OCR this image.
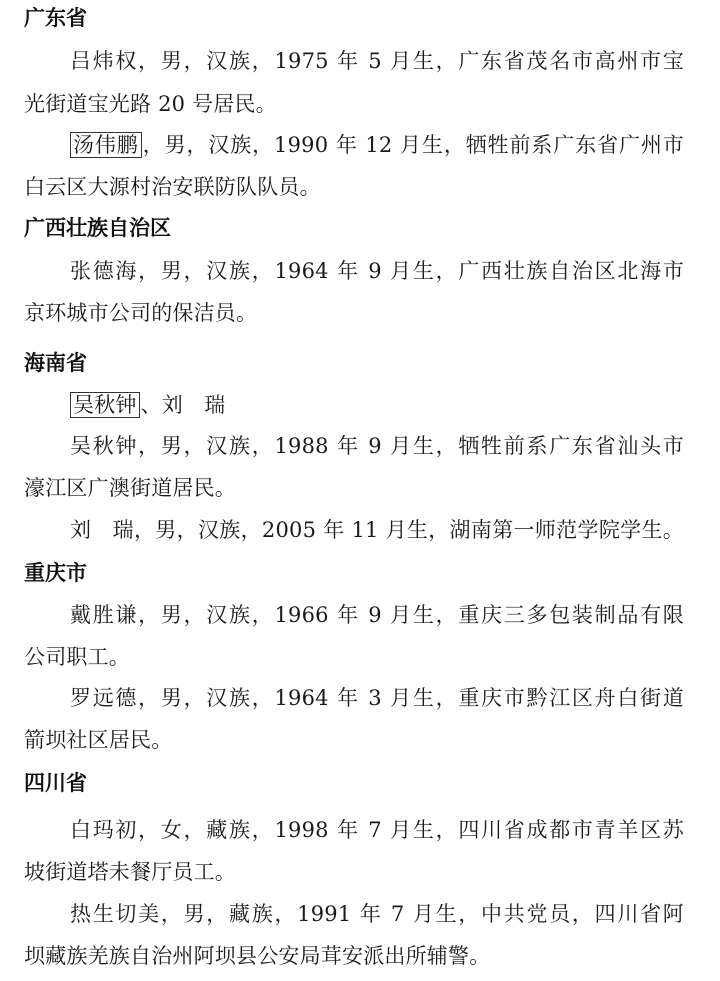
广东省
吕炜权，男，汉族，1975 年 5 月生，广东省茂名市高州市宝
光街道宝光路 20 号居民。
汤伟鹏 ，男，汉族，1990 年 12 月生，牺牲前系广东省广州市
白云区大源村治安联防队队员。
广西壮族自治区
张德海，男，汉族，1964 年 9 月生，广西壮族自治区北海市
京环城市公司的保洁员。
海南省
吴秋钟 、刘　瑞
吴秋钟，男，汉族，1988 年 9 月生，牺牲前系广东省汕头市
濠江区广澳街道居民。
刘　瑞，男，汉族，2005 年 11 月生，湖南第一师范学院学生。
重庆市
戴胜谦，男，汉族，1966 年 9 月生，重庆三多包装制品有限
公司职工。
罗远德，男，汉族，1964 年 3 月生，重庆市黔江区舟白街道
箭坝社区居民。
四川省
白玛初，女，藏族，1998 年 7 月生，四川省成都市青羊区苏
坡街道塔未餐厅员工。
热生切美，男，藏族，1991 年 7 月生，中共党员，四川省阿
坝藏族羌族自治州阿坝县公安局茸安派出所辅警。
